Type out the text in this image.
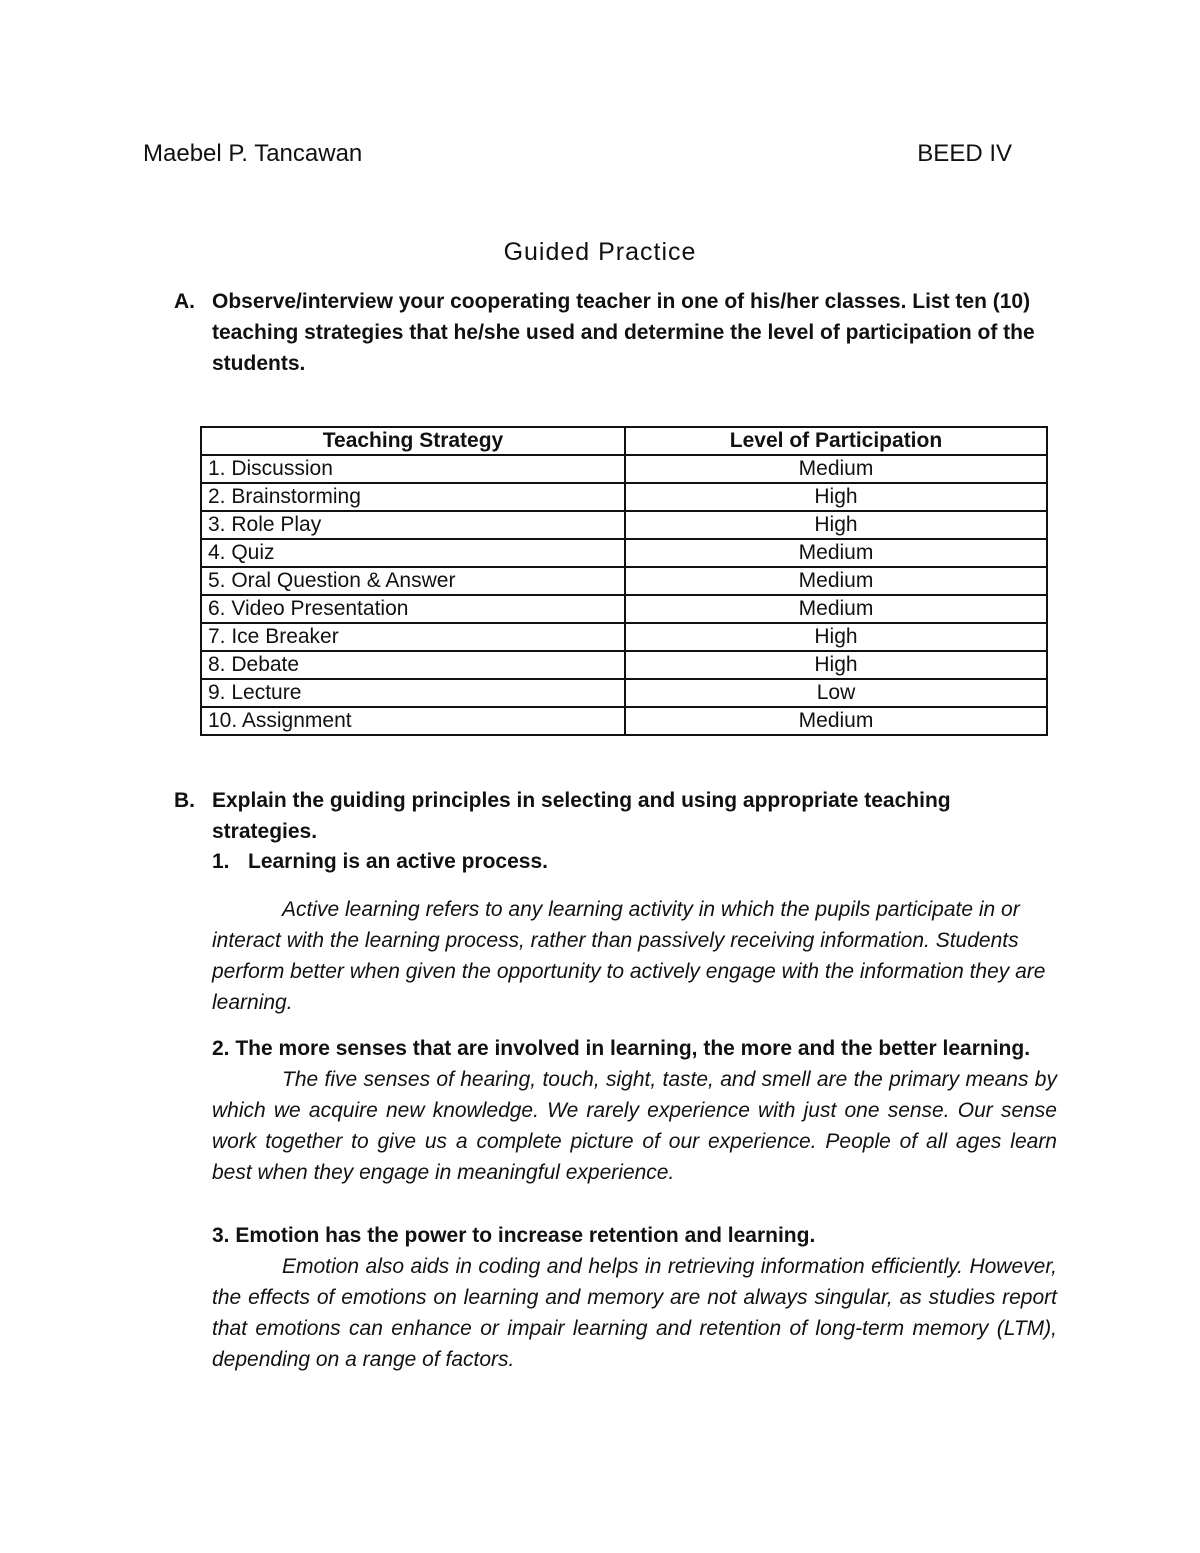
Maebel P. Tancawan	BEED IV
Guided Practice
A. Observe/interview your cooperating teacher in one of his/her classes. List ten (10) teaching strategies that he/she used and determine the level of participation of the students.
Teaching Strategy	Level of Participation
1. Discussion	Medium
2. Brainstorming	High
3. Role Play	High
4. Quiz	Medium
5. Oral Question & Answer	Medium
6. Video Presentation	Medium
7. Ice Breaker	High
8. Debate	High
9. Lecture	Low
10. Assignment	Medium
B. Explain the guiding principles in selecting and using appropriate teaching strategies.
1. Learning is an active process.
Active learning refers to any learning activity in which the pupils participate in or interact with the learning process, rather than passively receiving information. Students perform better when given the opportunity to actively engage with the information they are learning.
2. The more senses that are involved in learning, the more and the better learning.
The five senses of hearing, touch, sight, taste, and smell are the primary means by which we acquire new knowledge. We rarely experience with just one sense. Our sense work together to give us a complete picture of our experience. People of all ages learn best when they engage in meaningful experience.
3. Emotion has the power to increase retention and learning.
Emotion also aids in coding and helps in retrieving information efficiently. However, the effects of emotions on learning and memory are not always singular, as studies report that emotions can enhance or impair learning and retention of long-term memory (LTM), depending on a range of factors.
